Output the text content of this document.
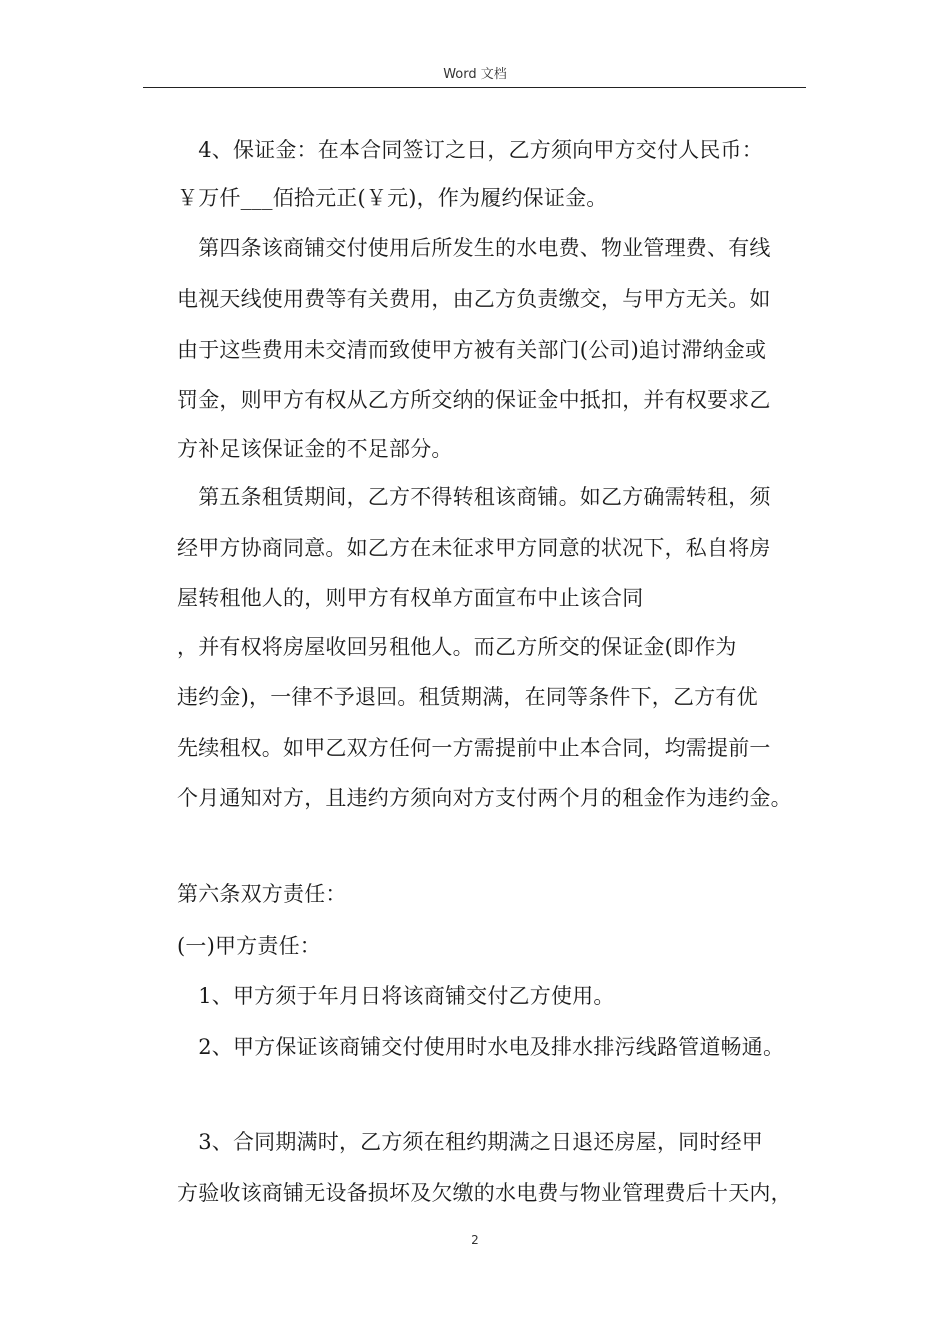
Word 文档
　4、保证金：在本合同签订之日，乙方须向甲方交付人民币：
￥万仟___佰拾元正(￥元)，作为履约保证金。
　第四条该商铺交付使用后所发生的水电费、物业管理费、有线
电视天线使用费等有关费用，由乙方负责缴交，与甲方无关。如
由于这些费用未交清而致使甲方被有关部门(公司)追讨滞纳金或
罚金，则甲方有权从乙方所交纳的保证金中抵扣，并有权要求乙
方补足该保证金的不足部分。
　第五条租赁期间，乙方不得转租该商铺。如乙方确需转租，须
经甲方协商同意。如乙方在未征求甲方同意的状况下，私自将房
屋转租他人的，则甲方有权单方面宣布中止该合同
，并有权将房屋收回另租他人。而乙方所交的保证金(即作为
违约金)，一律不予退回。租赁期满，在同等条件下，乙方有优
先续租权。如甲乙双方任何一方需提前中止本合同，均需提前一
个月通知对方，且违约方须向对方支付两个月的租金作为违约金。
第六条双方责任：
(一)甲方责任：
　1、甲方须于年月日将该商铺交付乙方使用。
　2、甲方保证该商铺交付使用时水电及排水排污线路管道畅通。
　3、合同期满时，乙方须在租约期满之日退还房屋，同时经甲
方验收该商铺无设备损坏及欠缴的水电费与物业管理费后十天内，
2
